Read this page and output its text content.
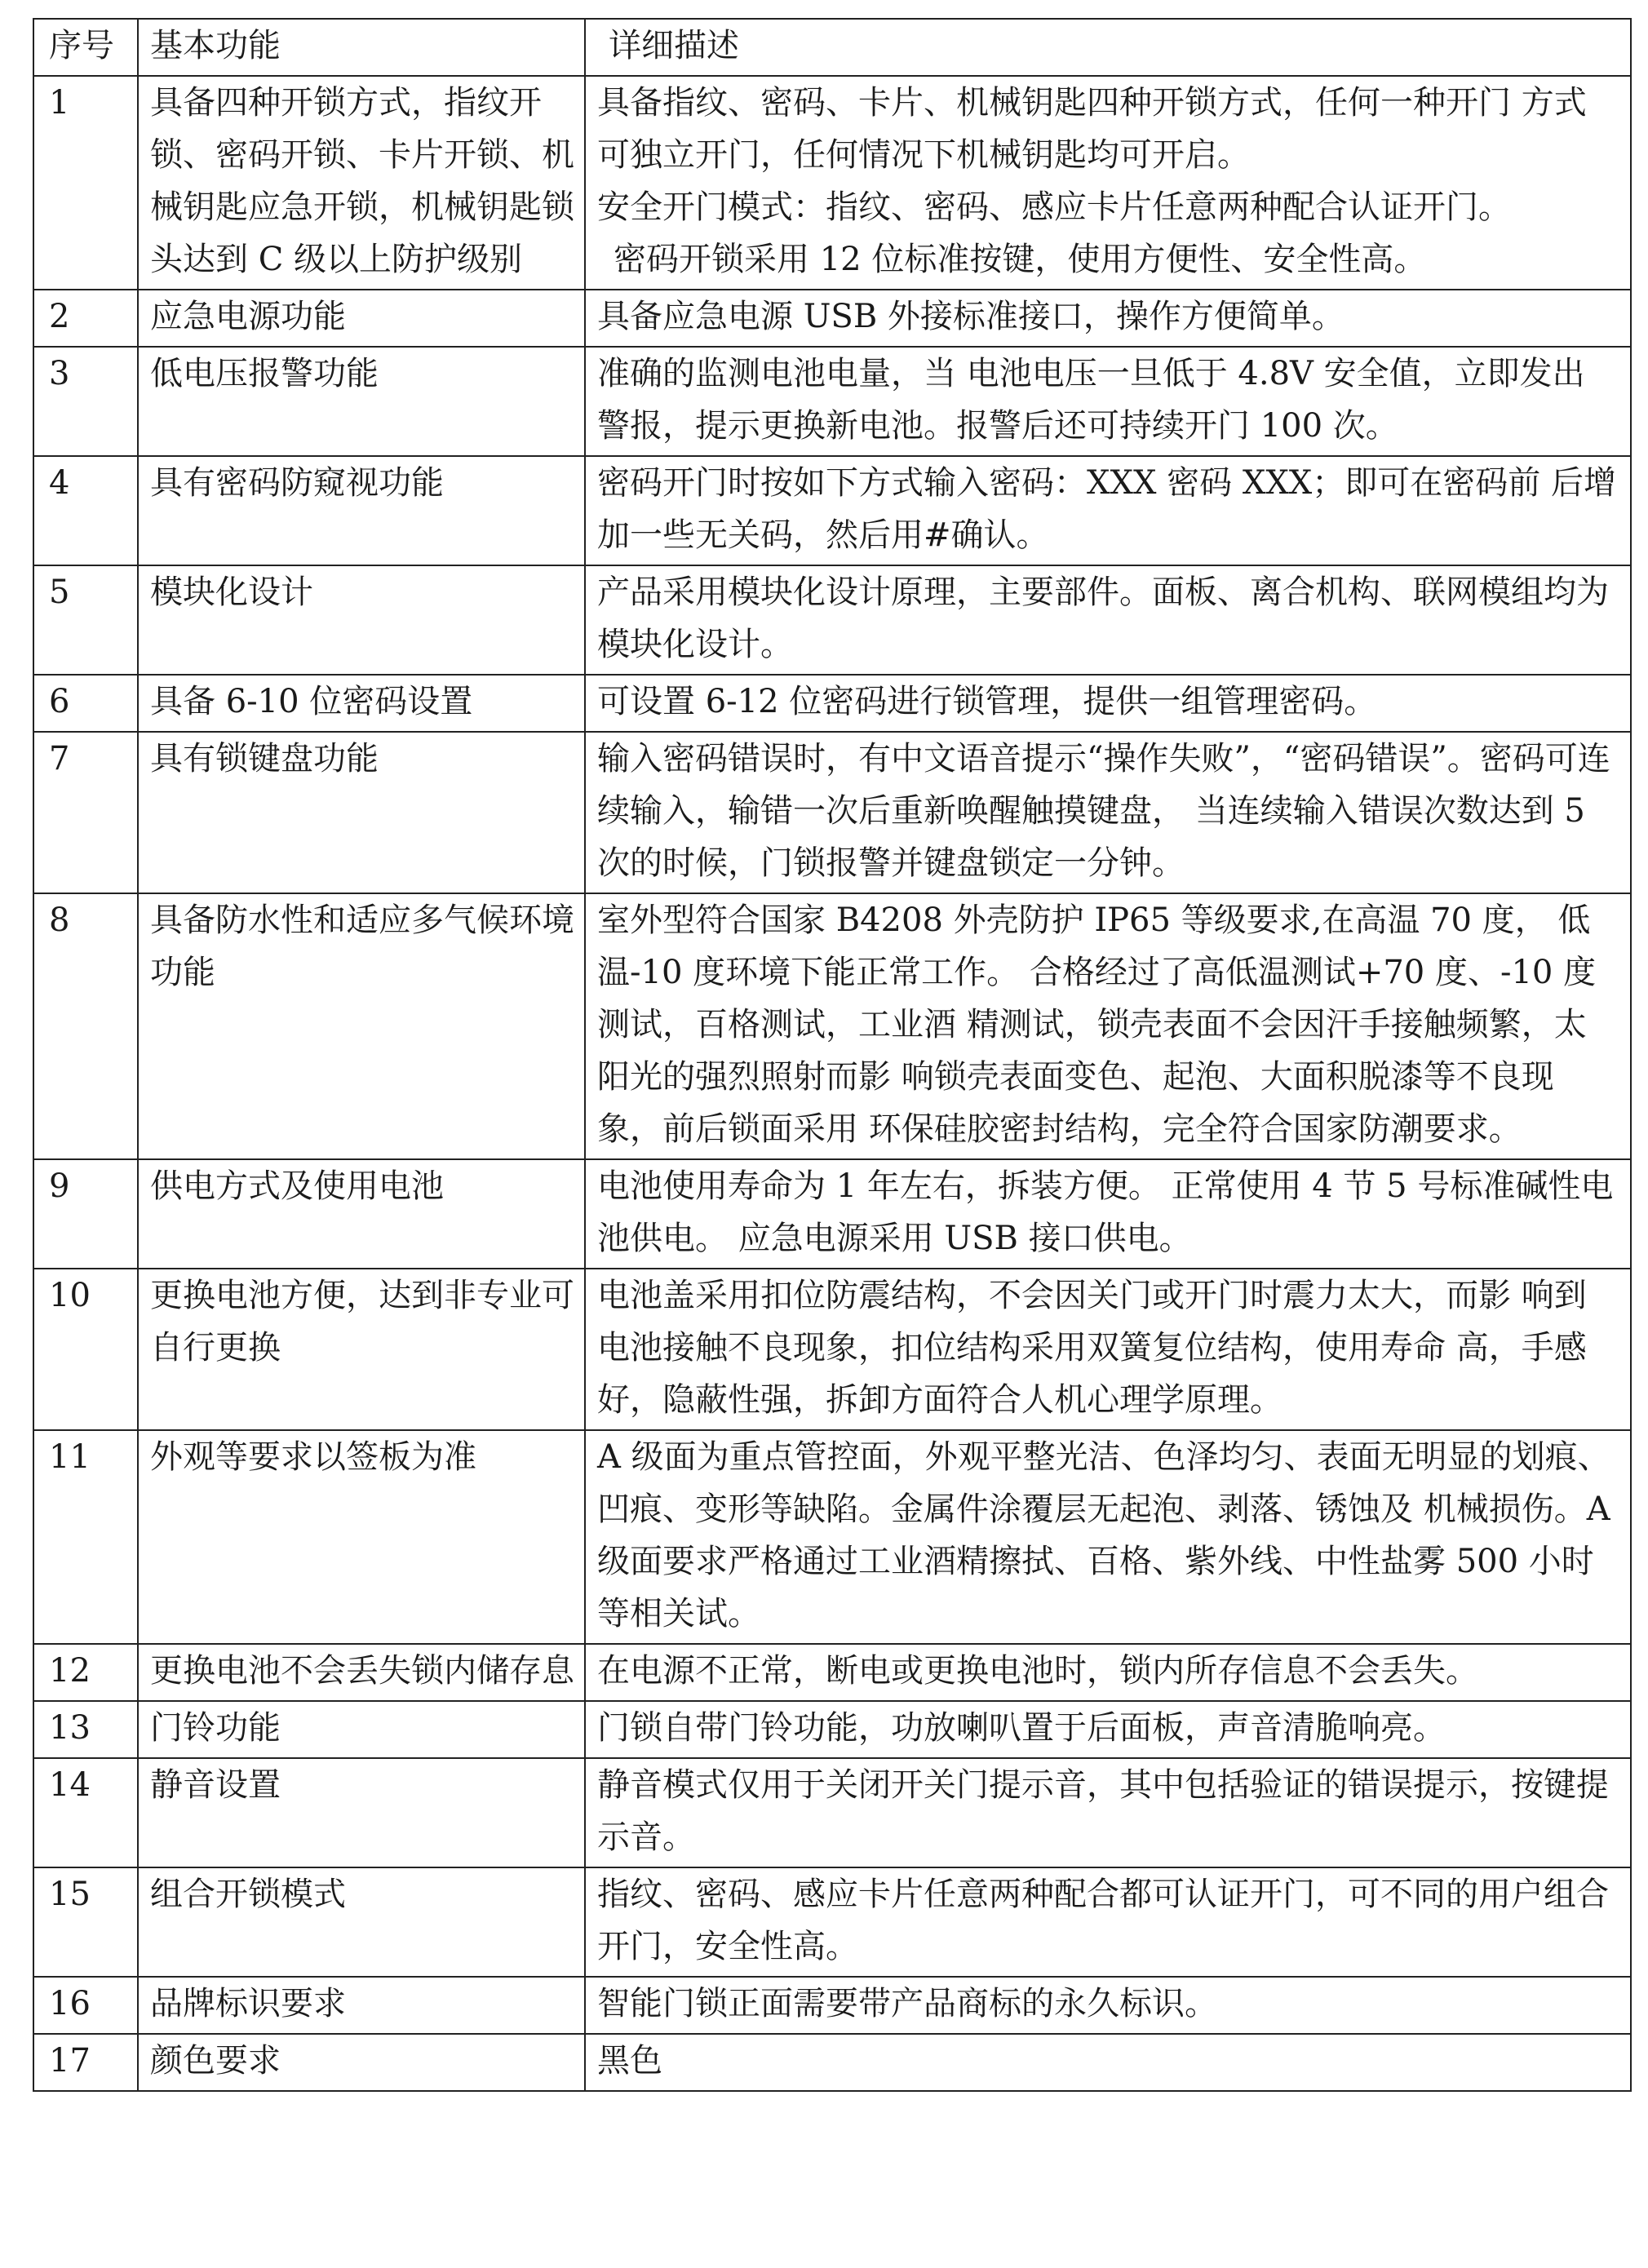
序号	基本功能	详细描述
1	具备四种开锁方式，指纹开锁、密码开锁、卡片开锁、机械钥匙应急开锁，机械钥匙锁头达到 C 级以上防护级别	具备指纹、密码、卡片、机械钥匙四种开锁方式，任何一种开门 方式可独立开门，任何情况下机械钥匙均可开启。

安全开门模式：指纹、密码、感应卡片任意两种配合认证开门。

密码开锁采用 12 位标准按键，使用方便性、安全性高。

2	应急电源功能	具备应急电源 USB 外接标准接口，操作方便简单。

3	低电压报警功能	准确的监测电池电量，当 电池电压一旦低于 4.8V 安全值，立即发出警报，提示更换新电池。报警后还可持续开门 100 次。

4	具有密码防窥视功能	密码开门时按如下方式输入密码：XXX 密码 XXX；即可在密码前 后增加一些无关码，然后用#确认。

5	模块化设计	产品采用模块化设计原理，主要部件。面板、离合机构、联网模组均为模块化设计。

6	具备 6-10 位密码设置	可设置 6-12 位密码进行锁管理，提供一组管理密码。

7	具有锁键盘功能	输入密码错误时，有中文语音提示“操作失败”，“密码错误”。密码可连续输入，输错一次后重新唤醒触摸键盘， 当连续输入错误次数达到 5 次的时候，门锁报警并键盘锁定一分钟。

8	具备防水性和适应多气候环境功能	室外型符合国家 B4208 外壳防护 IP65 等级要求,在高温 70 度， 低温-10 度环境下能正常工作。 合格经过了高低温测试+70 度、-10 度测试，百格测试，工业酒 精测试，锁壳表面不会因汗手接触频繁，太阳光的强烈照射而影 响锁壳表面变色、起泡、大面积脱漆等不良现象，前后锁面采用 环保硅胶密封结构，完全符合国家防潮要求。

9	供电方式及使用电池	电池使用寿命为 1 年左右，拆装方便。 正常使用 4 节 5 号标准碱性电池供电。 应急电源采用 USB 接口供电。

10	更换电池方便，达到非专业可自行更换	电池盖采用扣位防震结构，不会因关门或开门时震力太大，而影 响到电池接触不良现象，扣位结构采用双簧复位结构，使用寿命 高，手感好，隐蔽性强，拆卸方面符合人机心理学原理。

11	外观等要求以签板为准	A 级面为重点管控面，外观平整光洁、色泽均匀、表面无明显的划痕、凹痕、变形等缺陷。金属件涂覆层无起泡、剥落、锈蚀及 机械损伤。A 级面要求严格通过工业酒精擦拭、百格、紫外线、中性盐雾 500 小时等相关试。

12	更换电池不会丢失锁内储存息	在电源不正常，断电或更换电池时，锁内所存信息不会丢失。

13	门铃功能	门锁自带门铃功能，功放喇叭置于后面板，声音清脆响亮。

14	静音设置	静音模式仅用于关闭开关门提示音，其中包括验证的错误提示，按键提示音。

15	组合开锁模式	指纹、密码、感应卡片任意两种配合都可认证开门，可不同的用户组合开门，安全性高。

16	品牌标识要求	智能门锁正面需要带产品商标的永久标识。

17	颜色要求	黑色
